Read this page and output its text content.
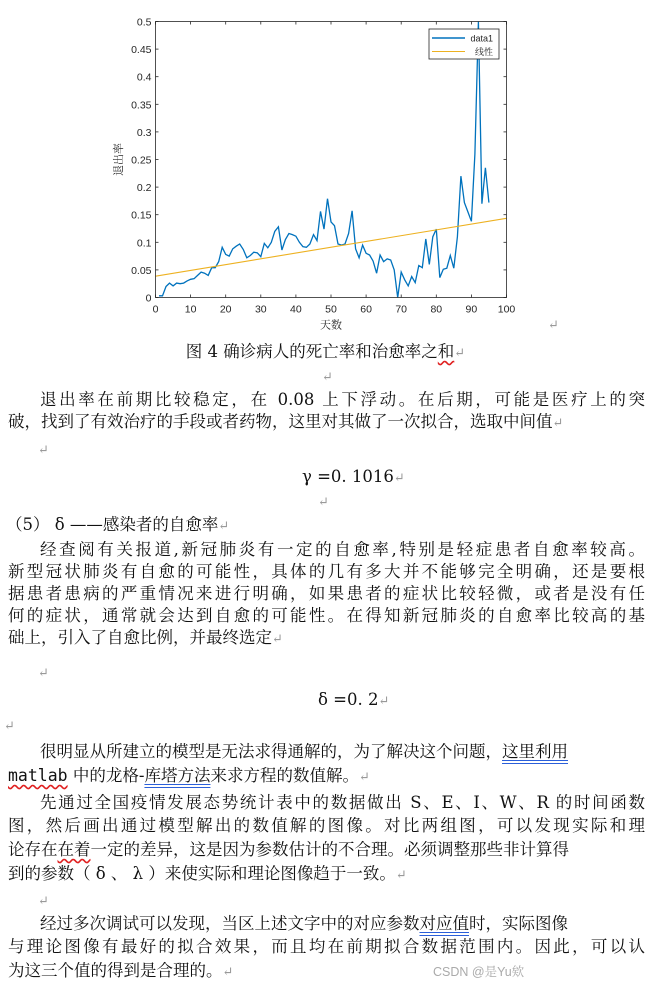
0	10 20 30 40 50 60 70 80 90 100
0
0.05
0.1
0.15
0.2
0.25
0.3
0.35
0.4
0.45
0.5
天数
退出率
data1
线性
↵
图 4 确诊病人的死亡率和治愈率之和↵
↵
退出率在前期比较稳定，在 0.08 上下浮动。在后期，可能是医疗上的突
破，找到了有效治疗的手段或者药物，这里对其做了一次拟合，选取中间值↵
↵
γ =0. 1016↵
↵
（5） δ ——感染者的自愈率↵
经查阅有关报道,新冠肺炎有一定的自愈率,特别是轻症患者自愈率较高。
新型冠状肺炎有自愈的可能性，具体的几有多大并不能够完全明确，还是要根
据患者患病的严重情况来进行明确，如果患者的症状比较轻微，或者是没有任
何的症状，通常就会达到自愈的可能性。在得知新冠肺炎的自愈率比较高的基
础上，引入了自愈比例，并最终选定↵
↵
δ =0. 2↵
↵
很明显从所建立的模型是无法求得通解的，为了解决这个问题，这里利用
matlab 中的龙格-库塔方法来求方程的数值解。↵
先通过全国疫情发展态势统计表中的数据做出 S、E、I、W、R 的时间函数
图，然后画出通过模型解出的数值解的图像。对比两组图，可以发现实际和理
论存在在着一定的差异，这是因为参数估计的不合理。必须调整那些非计算得
到的参数（ δ 、 λ ）来使实际和理论图像趋于一致。↵
↵
经过多次调试可以发现，当区上述文字中的对应参数对应值时，实际图像
与理论图像有最好的拟合效果，而且均在前期拟合数据范围内。因此，可以认
为这三个值的得到是合理的。↵	CSDN @是Yu欸
